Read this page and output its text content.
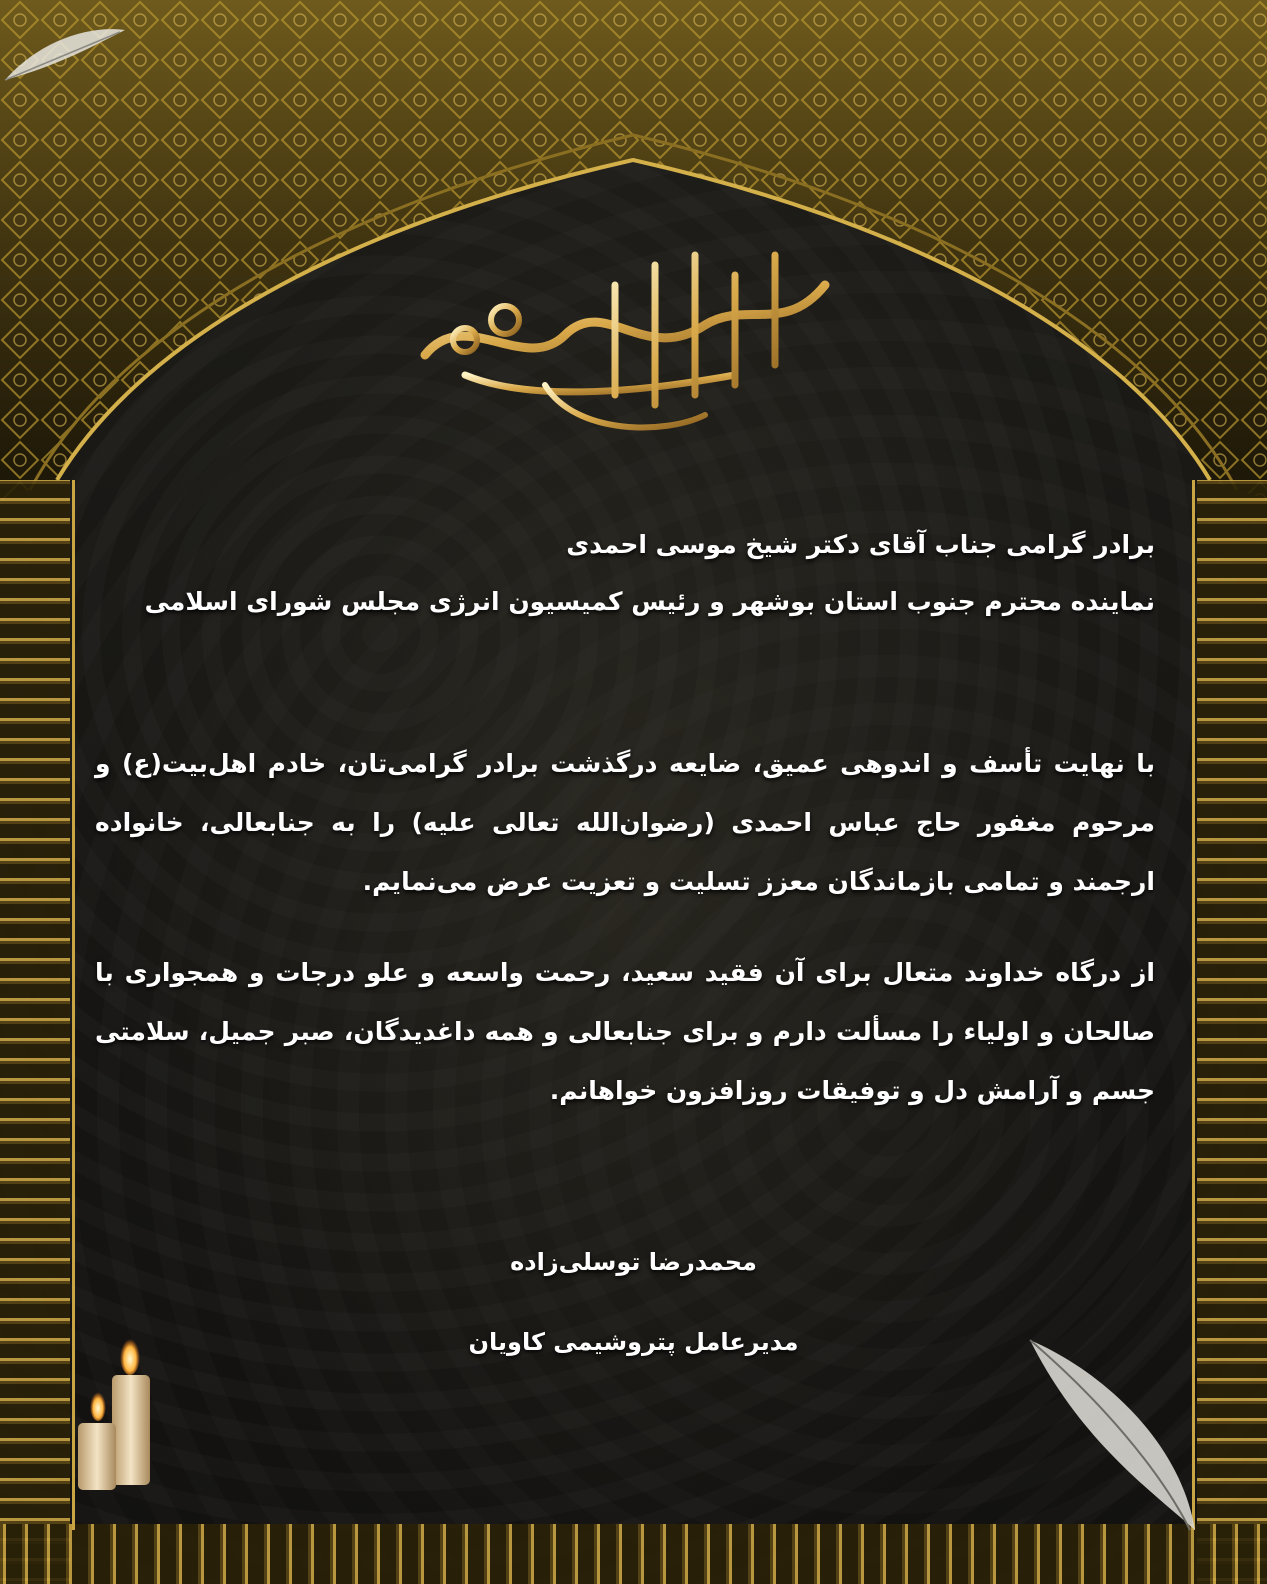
برادر گرامی جناب آقای دکتر شیخ موسی احمدی
نماینده محترم جنوب استان بوشهر و رئیس کمیسیون انرژی مجلس شورای اسلامی
با نهایت تأسف و اندوهی عمیق، ضایعه درگذشت برادر گرامی‌تان، خادم اهل‌بیت(ع) و مرحوم مغفور حاج عباس احمدی (رضوان‌الله تعالی علیه) را به جنابعالی، خانواده ارجمند و تمامی بازماندگان معزز تسلیت و تعزیت عرض می‌نمایم.
از درگاه خداوند متعال برای آن فقید سعید، رحمت واسعه و علو درجات و همجواری با صالحان و اولیاء را مسألت دارم و برای جنابعالی و همه داغدیدگان، صبر جمیل، سلامتی جسم و آرامش دل و توفیقات روزافزون خواهانم.
محمدرضا توسلی‌زاده
مدیرعامل پتروشیمی کاویان
